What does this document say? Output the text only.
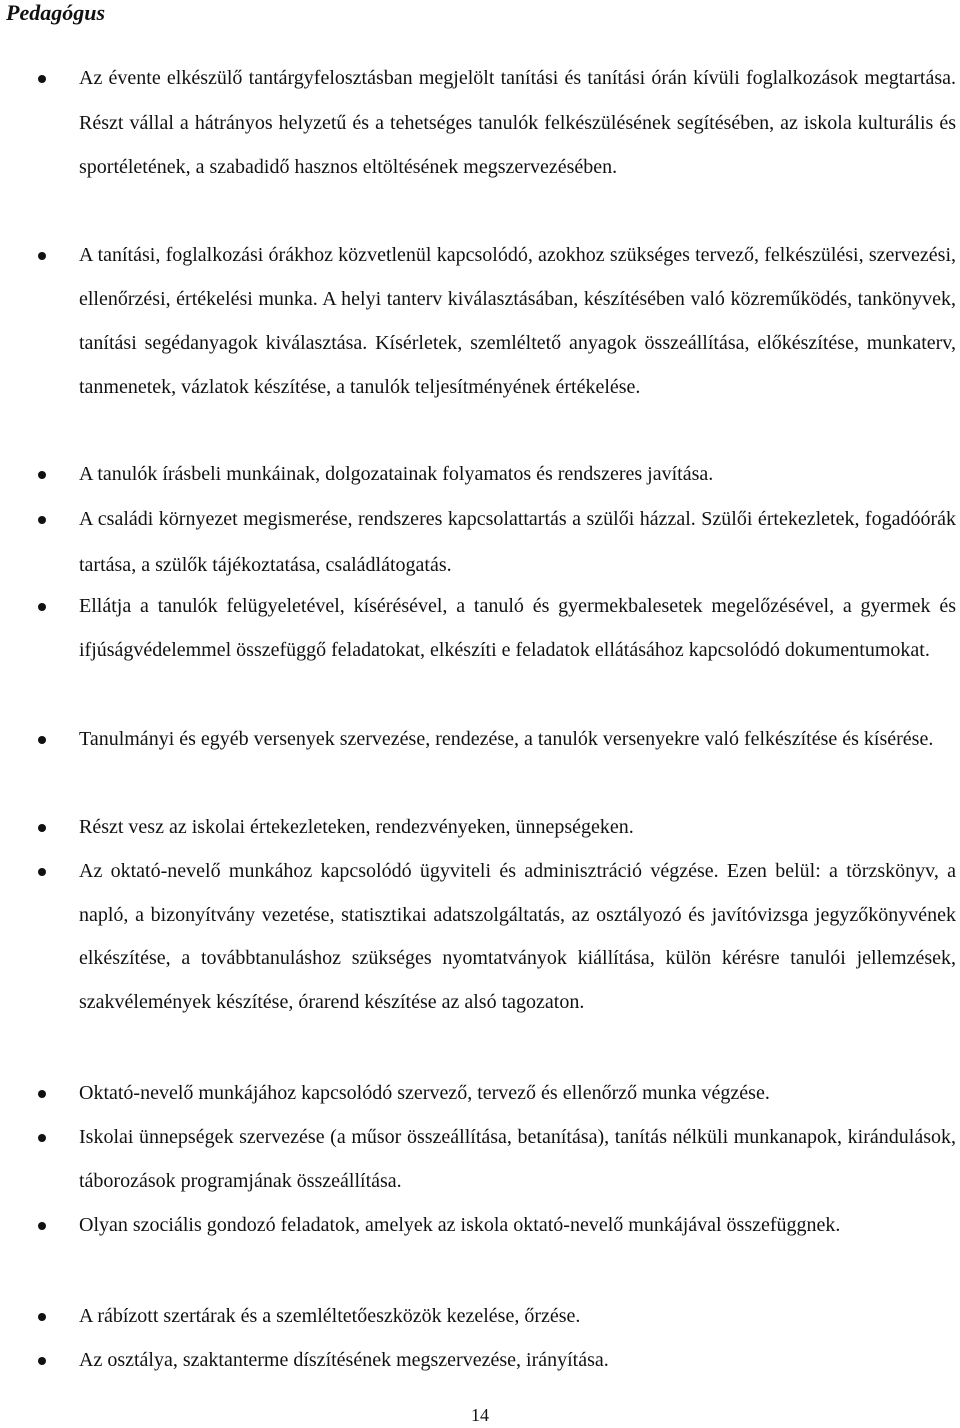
Pedagógus
Az évente elkészülő tantárgyfelosztásban megjelölt tanítási és tanítási órán kívüli foglalkozások megtartása. Részt vállal a hátrányos helyzetű és a tehetséges tanulók felkészülésének segítésében, az iskola kulturális és sportéletének, a szabadidő hasznos eltöltésének megszervezésében.
A tanítási, foglalkozási órákhoz közvetlenül kapcsolódó, azokhoz szükséges tervező, felkészülési, szervezési, ellenőrzési, értékelési munka. A helyi tanterv kiválasztásában, készítésében való közreműködés, tankönyvek, tanítási segédanyagok kiválasztása. Kísérletek, szemléltető anyagok összeállítása, előkészítése, munkaterv, tanmenetek, vázlatok készítése, a tanulók teljesítményének értékelése.
A tanulók írásbeli munkáinak, dolgozatainak folyamatos és rendszeres javítása.
A családi környezet megismerése, rendszeres kapcsolattartás a szülői házzal. Szülői értekezletek, fogadóórák tartása, a szülők tájékoztatása, családlátogatás.
Ellátja a tanulók felügyeletével, kísérésével, a tanuló és gyermekbalesetek megelőzésével, a gyermek és ifjúságvédelemmel összefüggő feladatokat, elkészíti e feladatok ellátásához kapcsolódó dokumentumokat.
Tanulmányi és egyéb versenyek szervezése, rendezése, a tanulók versenyekre való felkészítése és kísérése.
Részt vesz az iskolai értekezleteken, rendezvényeken, ünnepségeken.
Az oktató-nevelő munkához kapcsolódó ügyviteli és adminisztráció végzése. Ezen belül: a törzskönyv, a napló, a bizonyítvány vezetése, statisztikai adatszolgáltatás, az osztályozó és javítóvizsga jegyzőkönyvének elkészítése, a továbbtanuláshoz szükséges nyomtatványok kiállítása, külön kérésre tanulói jellemzések, szakvélemények készítése, órarend készítése az alsó tagozaton.
Oktató-nevelő munkájához kapcsolódó szervező, tervező és ellenőrző munka végzése.
Iskolai ünnepségek szervezése (a műsor összeállítása, betanítása), tanítás nélküli munkanapok, kirándulások, táborozások programjának összeállítása.
Olyan szociális gondozó feladatok, amelyek az iskola oktató-nevelő munkájával összefüggnek.
A rábízott szertárak és a szemléltetőeszközök kezelése, őrzése.
Az osztálya, szaktanterme díszítésének megszervezése, irányítása.
14
